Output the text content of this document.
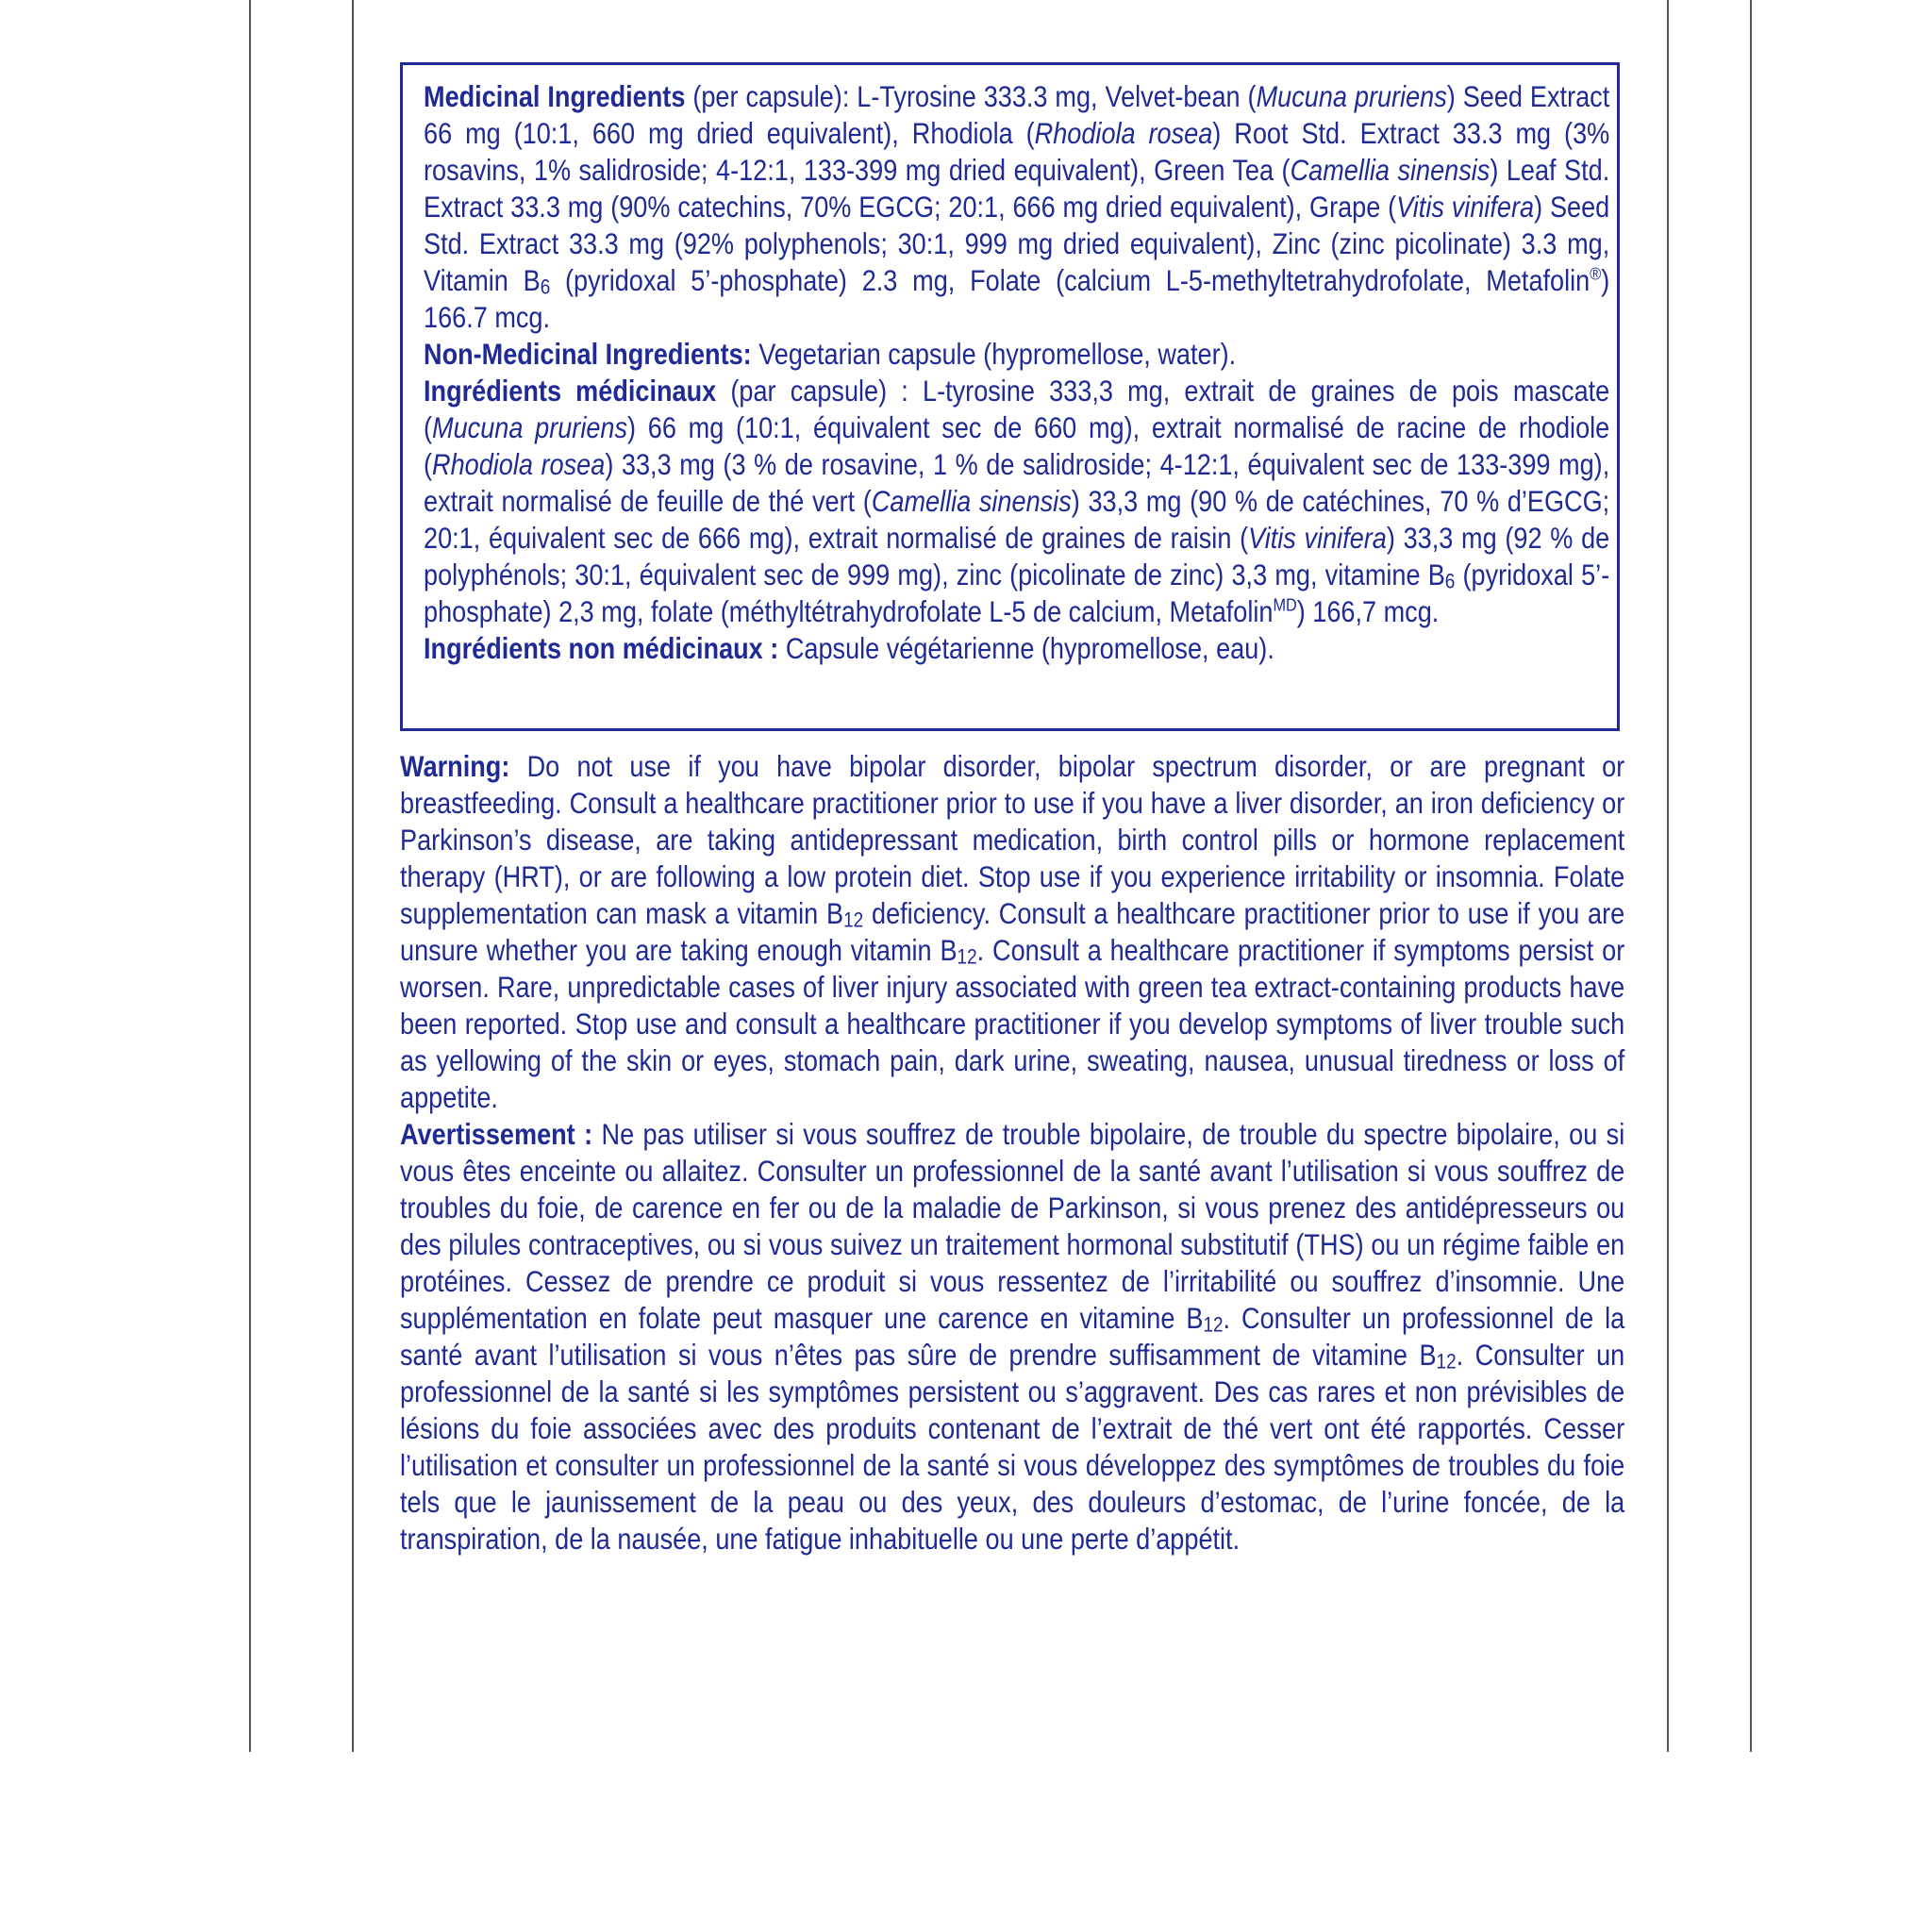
Medicinal Ingredients (per capsule): L-Tyrosine 333.3 mg, Velvet-bean (Mucuna pruriens) Seed Extract 66 mg (10:1, 660 mg dried equivalent), Rhodiola (Rhodiola rosea) Root Std. Extract 33.3 mg (3% rosavins, 1% salidroside; 4-12:1, 133-399 mg dried equivalent), Green Tea (Camellia sinensis) Leaf Std. Extract 33.3 mg (90% catechins, 70% EGCG; 20:1, 666 mg dried equivalent), Grape (Vitis vinifera) Seed Std. Extract 33.3 mg (92% polyphenols; 30:1, 999 mg dried equivalent), Zinc (zinc picolinate) 3.3 mg, Vitamin $B_6$ (pyridoxal 5’-phosphate) 2.3 mg, Folate (calcium L-5-methyltetrahydrofolate, Metafolin®) 166.7 mcg.

Non-Medicinal Ingredients: Vegetarian capsule (hypromellose, water).

Ingrédients médicinaux (par capsule) : L-tyrosine 333,3 mg, extrait de graines de pois mascate (Mucuna pruriens) 66 mg (10:1, équivalent sec de 660 mg), extrait normalisé de racine de rhodiole (Rhodiola rosea) 33,3 mg (3 % de rosavine, 1 % de salidroside; 4-12:1, équivalent sec de 133-399 mg), extrait normalisé de feuille de thé vert (Camellia sinensis) 33,3 mg (90 % de catéchines, 70 % d’EGCG; 20:1, équivalent sec de 666 mg), extrait normalisé de graines de raisin (Vitis vinifera) 33,3 mg (92 % de polyphénols; 30:1, équivalent sec de 999 mg), zinc (picolinate de zinc) 3,3 mg, vitamine $B_6$ (pyridoxal 5’-phosphate) 2,3 mg, folate (méthyltétrahydrofolate L-5 de calcium, Metafolin$^{MD}$) 166,7 mcg.

Ingrédients non médicinaux : Capsule végétarienne (hypromellose, eau).

Warning: Do not use if you have bipolar disorder, bipolar spectrum disorder, or are pregnant or breastfeeding. Consult a healthcare practitioner prior to use if you have a liver disorder, an iron deficiency or Parkinson’s disease, are taking antidepressant medication, birth control pills or hormone replacement therapy (HRT), or are following a low protein diet. Stop use if you experience irritability or insomnia. Folate supplementation can mask a vitamin $B_{12}$ deficiency. Consult a healthcare practitioner prior to use if you are unsure whether you are taking enough vitamin $B_{12}$. Consult a healthcare practitioner if symptoms persist or worsen. Rare, unpredictable cases of liver injury associated with green tea extract-containing products have been reported. Stop use and consult a healthcare practitioner if you develop symptoms of liver trouble such as yellowing of the skin or eyes, stomach pain, dark urine, sweating, nausea, unusual tiredness or loss of appetite.

Avertissement : Ne pas utiliser si vous souffrez de trouble bipolaire, de trouble du spectre bipolaire, ou si vous êtes enceinte ou allaitez. Consulter un professionnel de la santé avant l’utilisation si vous souffrez de troubles du foie, de carence en fer ou de la maladie de Parkinson, si vous prenez des antidépresseurs ou des pilules contraceptives, ou si vous suivez un traitement hormonal substitutif (THS) ou un régime faible en protéines. Cessez de prendre ce produit si vous ressentez de l’irritabilité ou souffrez d’insomnie. Une supplémentation en folate peut masquer une carence en vitamine $B_{12}$. Consulter un professionnel de la santé avant l’utilisation si vous n’êtes pas sûre de prendre suffisamment de vitamine $B_{12}$. Consulter un professionnel de la santé si les symptômes persistent ou s’aggravent. Des cas rares et non prévisibles de lésions du foie associées avec des produits contenant de l’extrait de thé vert ont été rapportés. Cesser l’utilisation et consulter un professionnel de la santé si vous développez des symptômes de troubles du foie tels que le jaunissement de la peau ou des yeux, des douleurs d’estomac, de l’urine foncée, de la transpiration, de la nausée, une fatigue inhabituelle ou une perte d’appétit.
